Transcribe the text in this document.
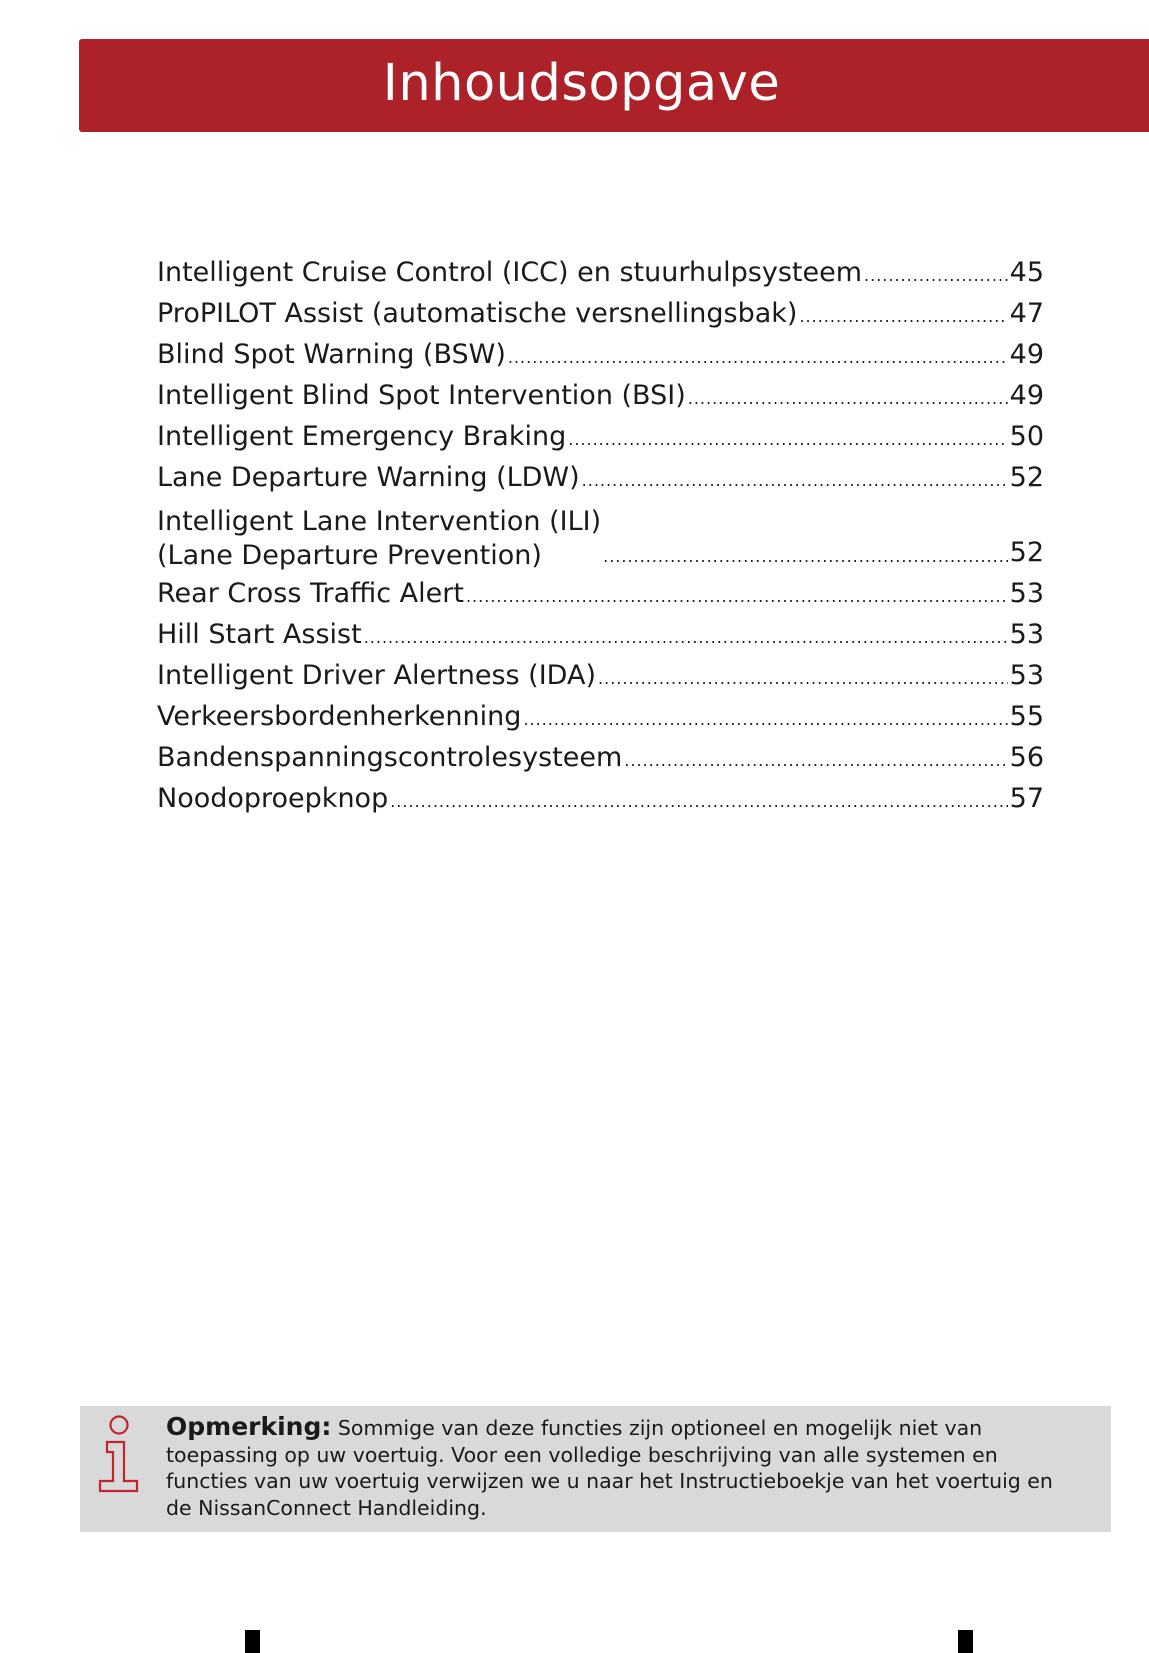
Inhoudsopgave
Intelligent Cruise Control (ICC) en stuurhulpsysteem .....	45
ProPILOT Assist (automatische versnellingsbak) .....	47
Blind Spot Warning (BSW) .....	49
Intelligent Blind Spot Intervention (BSI) .....	49
Intelligent Emergency Braking .....	50
Lane Departure Warning (LDW) .....	52
Intelligent Lane Intervention (ILI)
(Lane Departure Prevention) .....	52
Rear Cross Traffic Alert .....	53
Hill Start Assist .....	53
Intelligent Driver Alertness (IDA) .....	53
Verkeersbordenherkenning .....	55
Bandenspanningscontrolesysteem .....	56
Noodoproepknop .....	57
Opmerking: Sommige van deze functies zijn optioneel en mogelijk niet van toepassing op uw voertuig. Voor een volledige beschrijving van alle systemen en functies van uw voertuig verwijzen we u naar het Instructieboekje van het voertuig en de NissanConnect Handleiding.
